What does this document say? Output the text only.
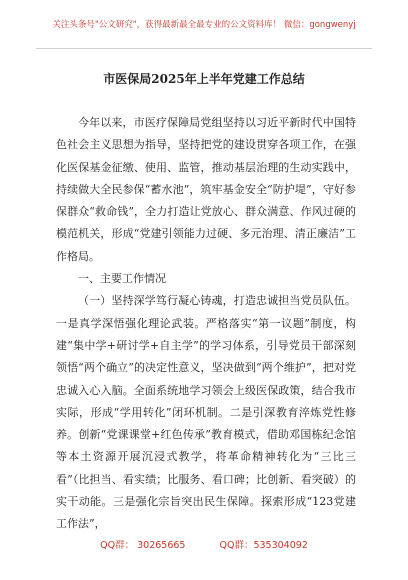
关注头条号"公文研究"，获得最新最全最专业的公文资料库！ 微信：gongwenyj
市医保局2025年上半年党建工作总结

今年以来，市医疗保障局党组坚持以习近平新时代中国特色社会主义思想为指导，坚持把党的建设贯穿各项工作，在强化医保基金征缴、使用、监管，推动基层治理的生动实践中，持续做大全民参保“蓄水池”，筑牢基金安全“防护堤”，守好参保群众“救命钱”，全力打造让党放心、群众满意、作风过硬的模范机关，形成“党建引领能力过硬、多元治理、清正廉洁”工作格局。

一、主要工作情况

（一）坚持深学笃行凝心铸魂，打造忠诚担当党员队伍。一是真学深悟强化理论武装。严格落实“第一议题”制度，构建“集中学+研讨学+自主学”的学习体系，引导党员干部深刻领悟“两个确立”的决定性意义，坚决做到“两个维护”，把对党忠诚入心入脑。全面系统地学习领会上级医保政策，结合我市实际，形成“学用转化”闭环机制。二是引深教育淬炼党性修养。创新“党课课堂+红色传承”教育模式，借助邓国栋纪念馆等本土资源开展沉浸式教学，将革命精神转化为“三比三看”（比担当、看实绩；比服务、看口碑；比创新、看突破）的实干动能。三是强化宗旨突出民生保障。探索形成“123党建工作法”，

QQ群： 30265665	QQ群：535304092
